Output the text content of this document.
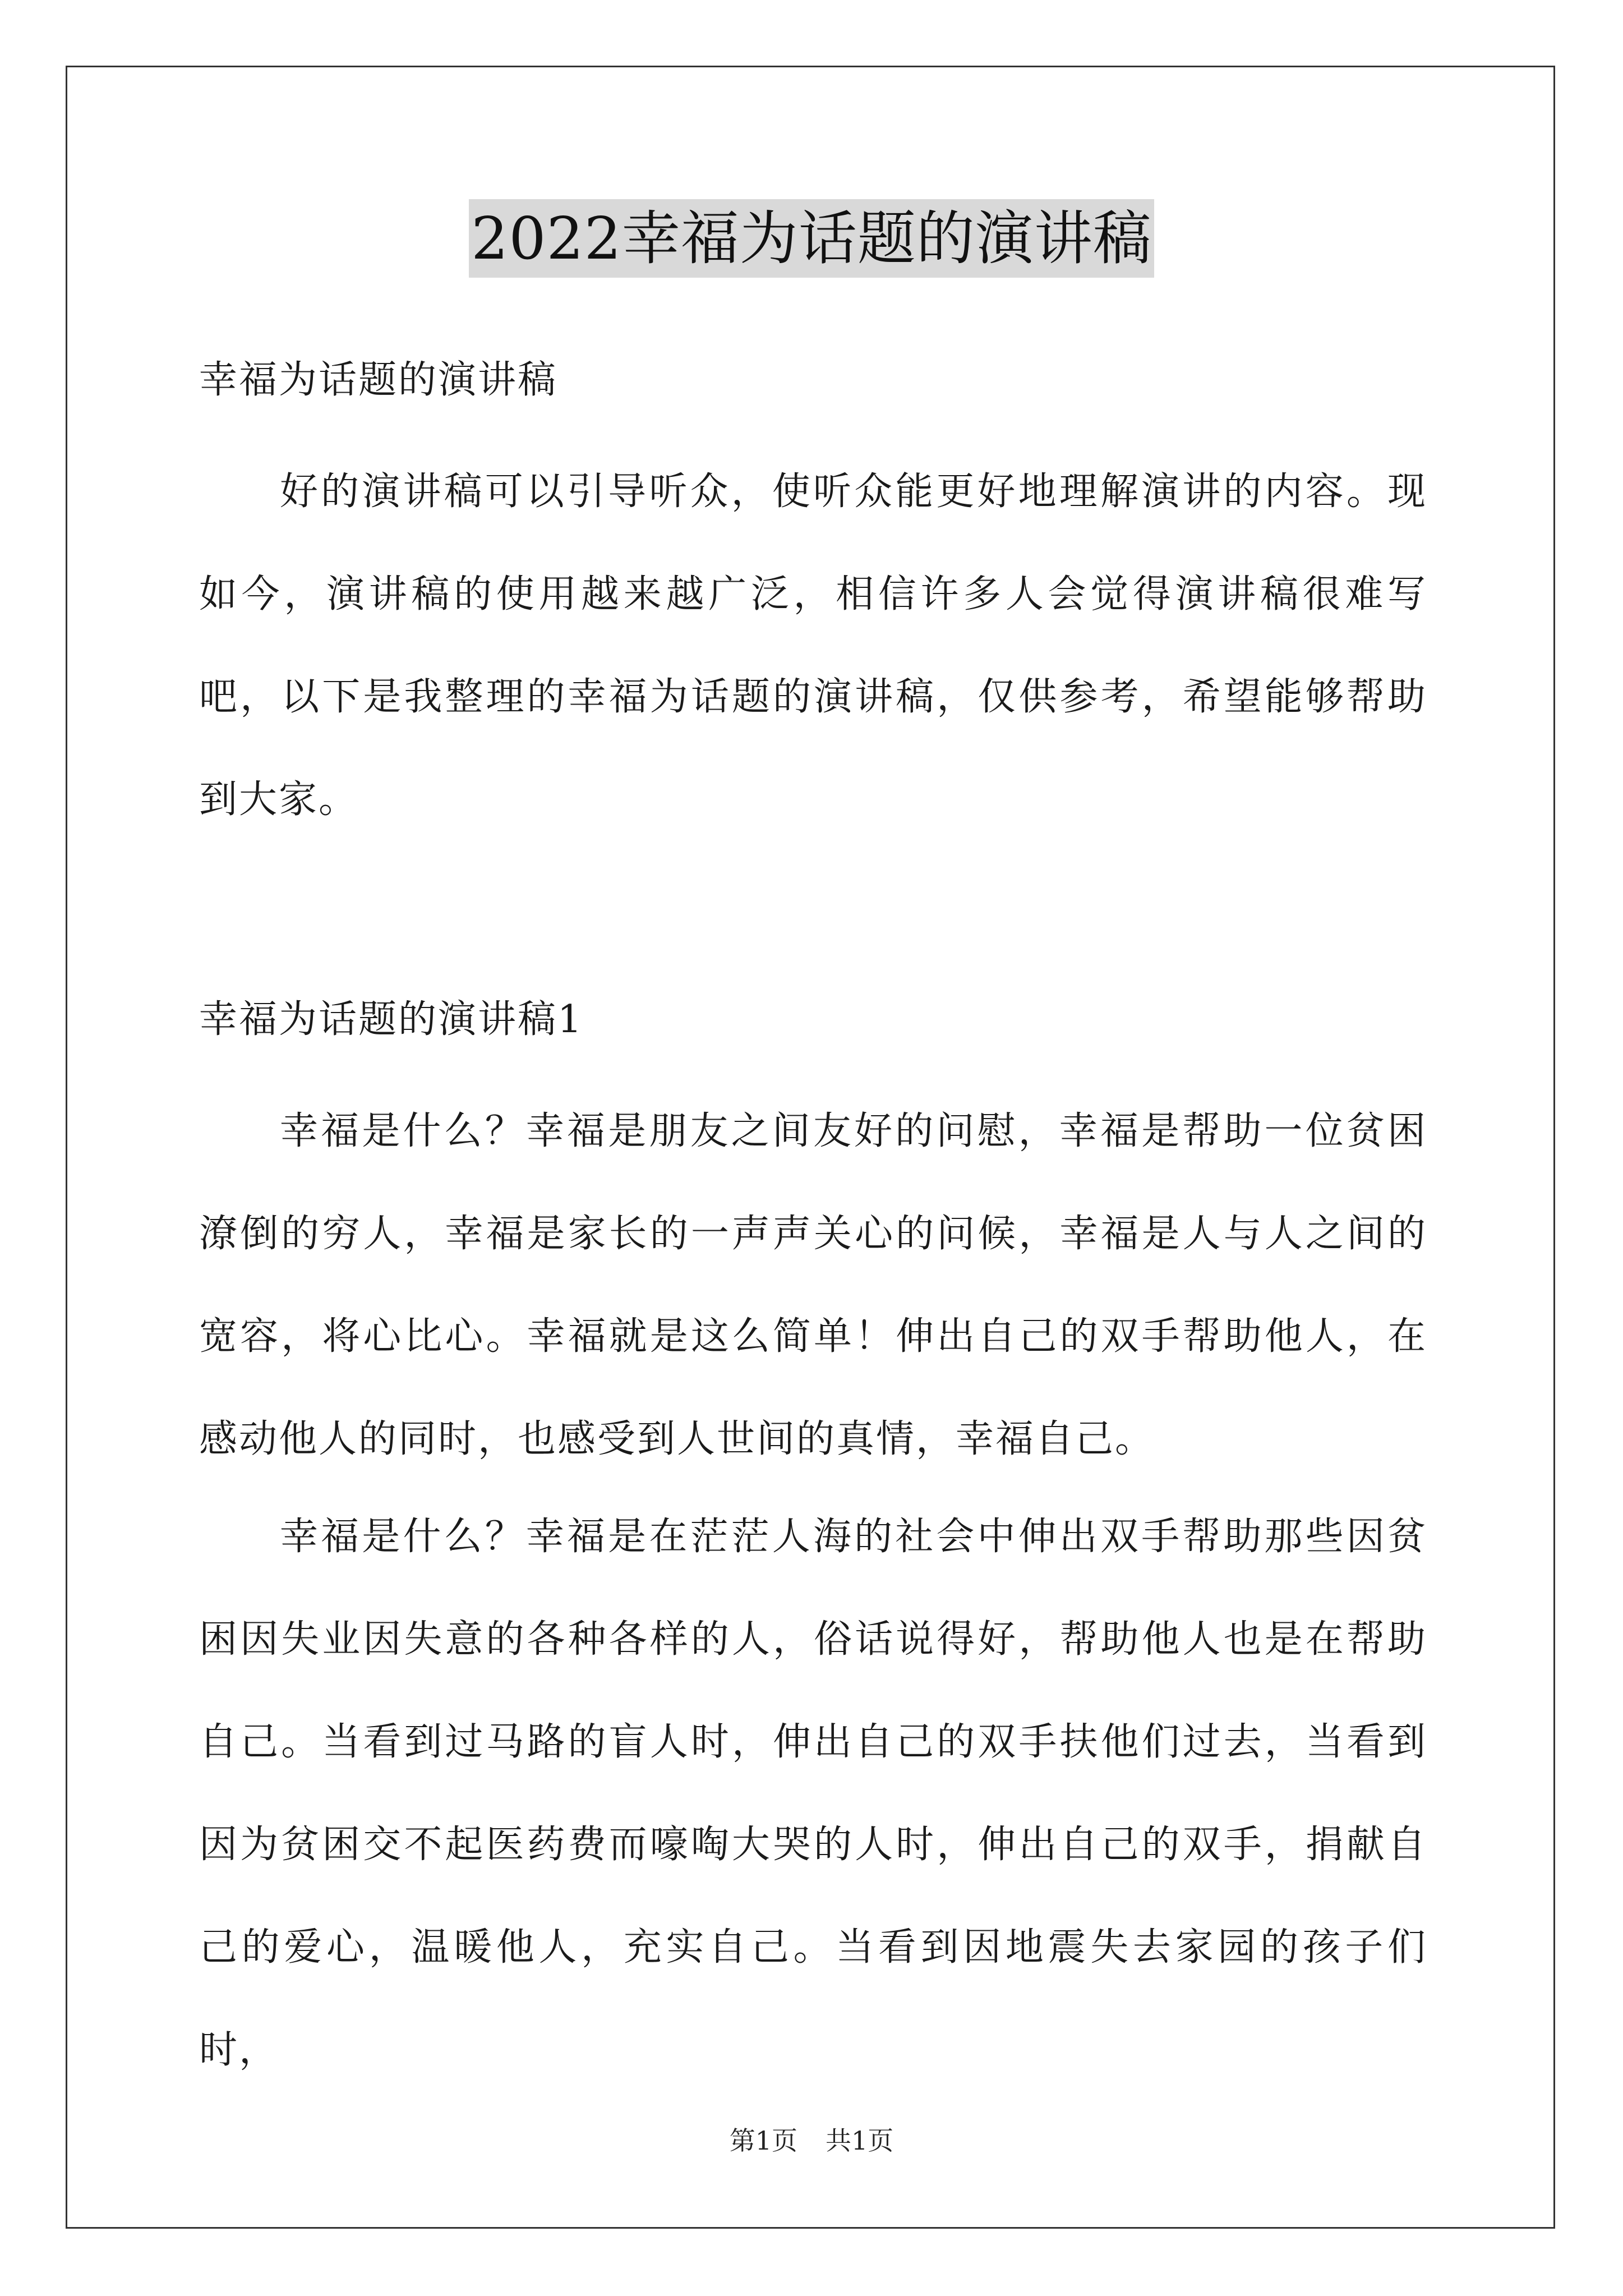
2022幸福为话题的演讲稿
幸福为话题的演讲稿
好的演讲稿可以引导听众，使听众能更好地理解演讲的内容。现如今，演讲稿的使用越来越广泛，相信许多人会觉得演讲稿很难写吧，以下是我整理的幸福为话题的演讲稿，仅供参考，希望能够帮助到大家。
幸福为话题的演讲稿1
幸福是什么？幸福是朋友之间友好的问慰，幸福是帮助一位贫困潦倒的穷人，幸福是家长的一声声关心的问候，幸福是人与人之间的宽容，将心比心。幸福就是这么简单！伸出自己的双手帮助他人，在感动他人的同时，也感受到人世间的真情，幸福自己。
幸福是什么？幸福是在茫茫人海的社会中伸出双手帮助那些因贫困因失业因失意的各种各样的人，俗话说得好，帮助他人也是在帮助自己。当看到过马路的盲人时，伸出自己的双手扶他们过去，当看到因为贫困交不起医药费而嚎啕大哭的人时，伸出自己的双手，捐献自己的爱心，温暖他人，充实自己。当看到因地震失去家园的孩子们时，
第1页 共1页
